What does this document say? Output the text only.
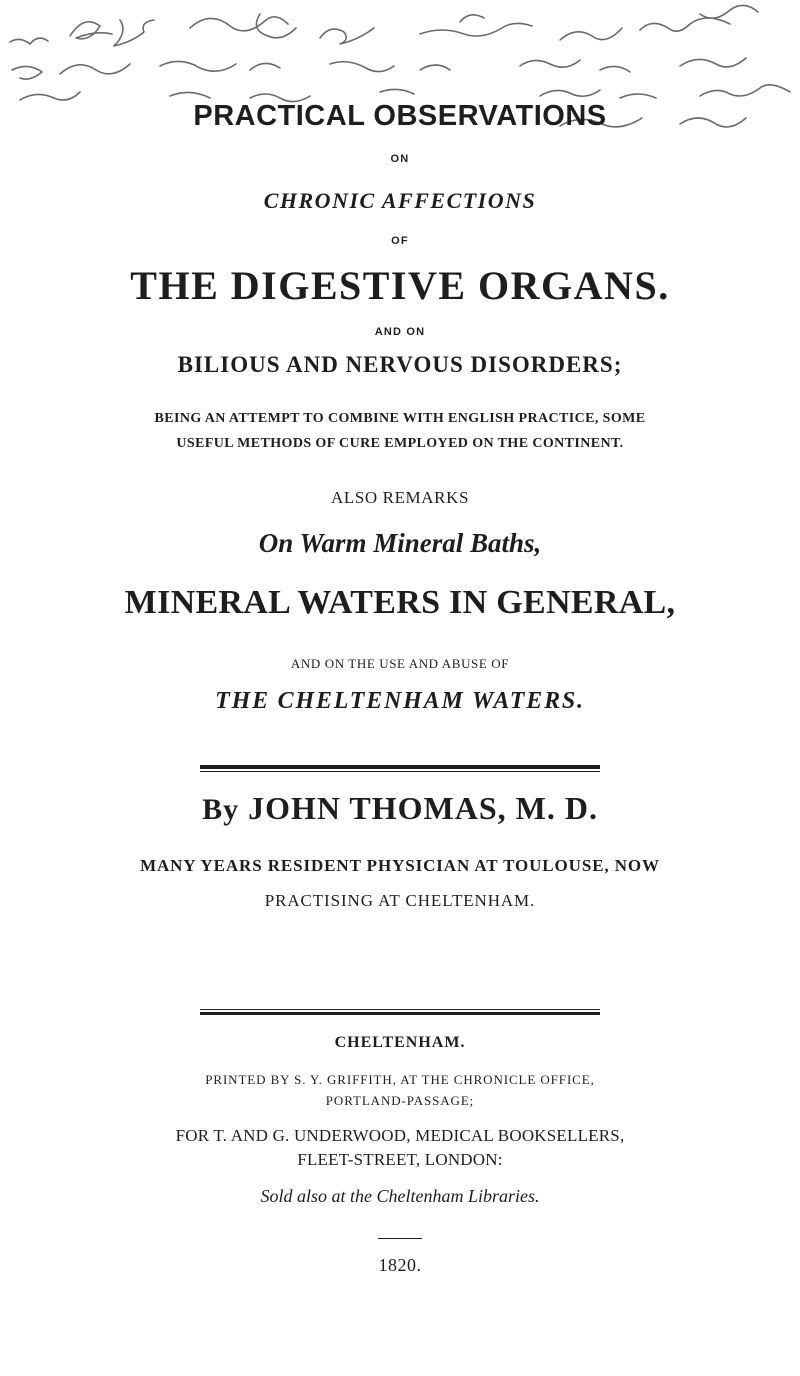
PRACTICAL OBSERVATIONS

ON

CHRONIC AFFECTIONS

OF

THE DIGESTIVE ORGANS.

AND ON

BILIOUS AND NERVOUS DISORDERS;

BEING AN ATTEMPT TO COMBINE WITH ENGLISH PRACTICE, SOME

USEFUL METHODS OF CURE EMPLOYED ON THE CONTINENT.

ALSO REMARKS

On Warm Mineral Baths,

MINERAL WATERS IN GENERAL,

AND ON THE USE AND ABUSE OF

THE CHELTENHAM WATERS.

By JOHN THOMAS, M. D.

MANY YEARS RESIDENT PHYSICIAN AT TOULOUSE, NOW

PRACTISING AT CHELTENHAM.

CHELTENHAM.

PRINTED BY S. Y. GRIFFITH, AT THE CHRONICLE OFFICE,

PORTLAND-PASSAGE;

FOR T. AND G. UNDERWOOD, MEDICAL BOOKSELLERS,

FLEET-STREET, LONDON:

Sold also at the Cheltenham Libraries.

1820.
